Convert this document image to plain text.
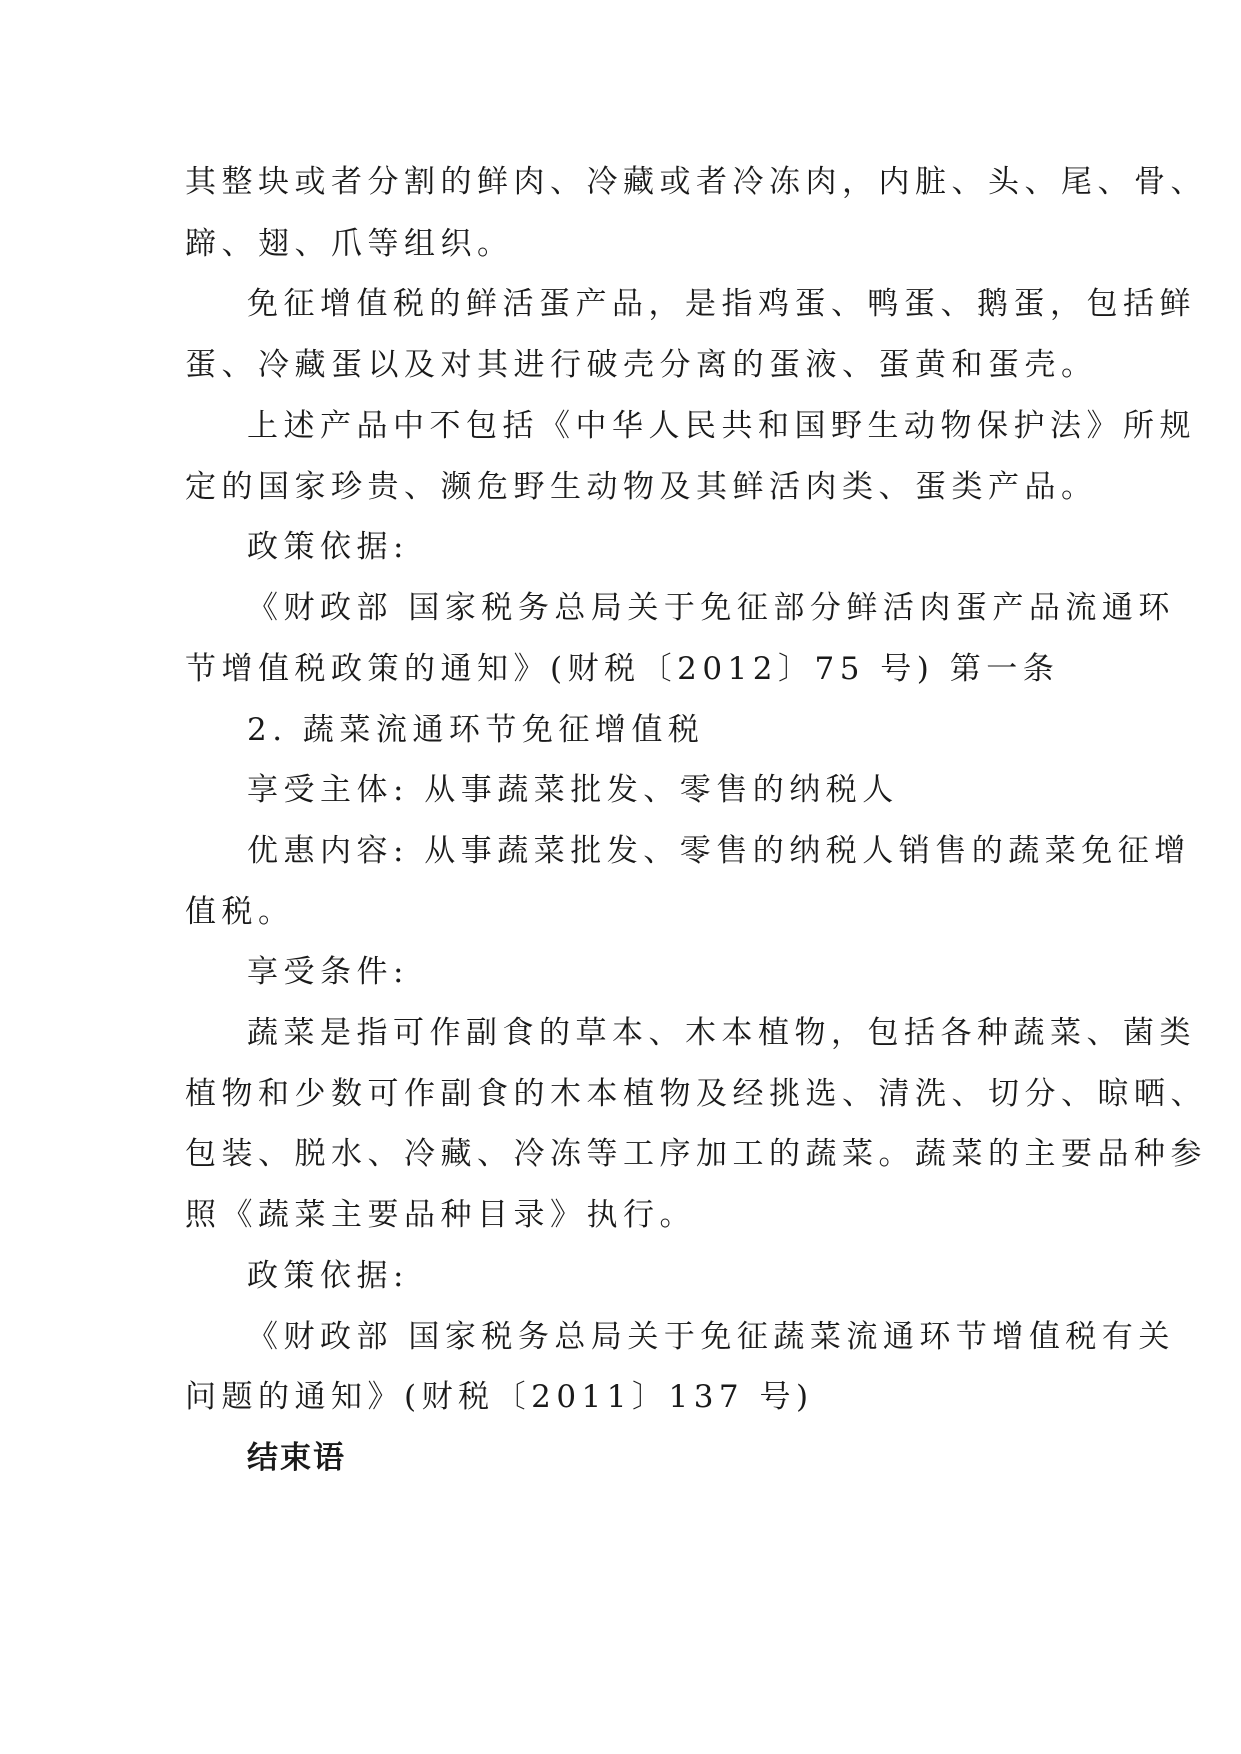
其整块或者分割的鲜肉、冷藏或者冷冻肉，内脏、头、尾、骨、
蹄、翅、爪等组织。
免征增值税的鲜活蛋产品，是指鸡蛋、鸭蛋、鹅蛋，包括鲜
蛋、冷藏蛋以及对其进行破壳分离的蛋液、蛋黄和蛋壳。
上述产品中不包括《中华人民共和国野生动物保护法》所规
定的国家珍贵、濒危野生动物及其鲜活肉类、蛋类产品。
政策依据:
《财政部 国家税务总局关于免征部分鲜活肉蛋产品流通环
节增值税政策的通知》(财税〔2012〕75 号) 第一条
2. 蔬菜流通环节免征增值税
享受主体: 从事蔬菜批发、零售的纳税人
优惠内容: 从事蔬菜批发、零售的纳税人销售的蔬菜免征增
值税。
享受条件:
蔬菜是指可作副食的草本、木本植物，包括各种蔬菜、菌类
植物和少数可作副食的木本植物及经挑选、清洗、切分、晾晒、
包装、脱水、冷藏、冷冻等工序加工的蔬菜。蔬菜的主要品种参
照《蔬菜主要品种目录》执行。
政策依据:
《财政部 国家税务总局关于免征蔬菜流通环节增值税有关
问题的通知》(财税〔2011〕137 号)
结束语
